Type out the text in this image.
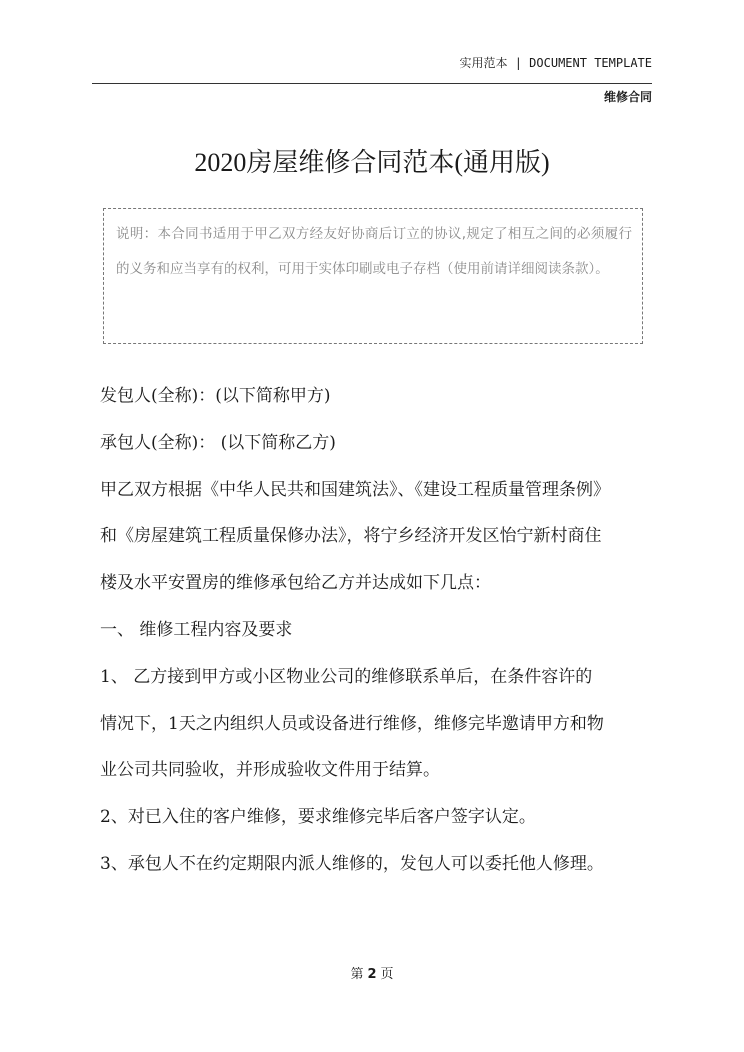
实用范本 | DOCUMENT TEMPLATE
维修合同
2020房屋维修合同范本(通用版)
说明：本合同书适用于甲乙双方经友好协商后订立的协议,规定了相互之间的必须履行的义务和应当享有的权利，可用于实体印刷或电子存档（使用前请详细阅读条款）。

发包人(全称)：(以下简称甲方)

承包人(全称)： (以下简称乙方)

甲乙双方根据《中华人民共和国建筑法》、《建设工程质量管理条例》

和《房屋建筑工程质量保修办法》，将宁乡经济开发区怡宁新村商住

楼及水平安置房的维修承包给乙方并达成如下几点：

一、 维修工程内容及要求

1、 乙方接到甲方或小区物业公司的维修联系单后，在条件容许的

情况下，1天之内组织人员或设备进行维修，维修完毕邀请甲方和物

业公司共同验收，并形成验收文件用于结算。

2、对已入住的客户维修，要求维修完毕后客户签字认定。

3、承包人不在约定期限内派人维修的，发包人可以委托他人修理。

第 2 页
